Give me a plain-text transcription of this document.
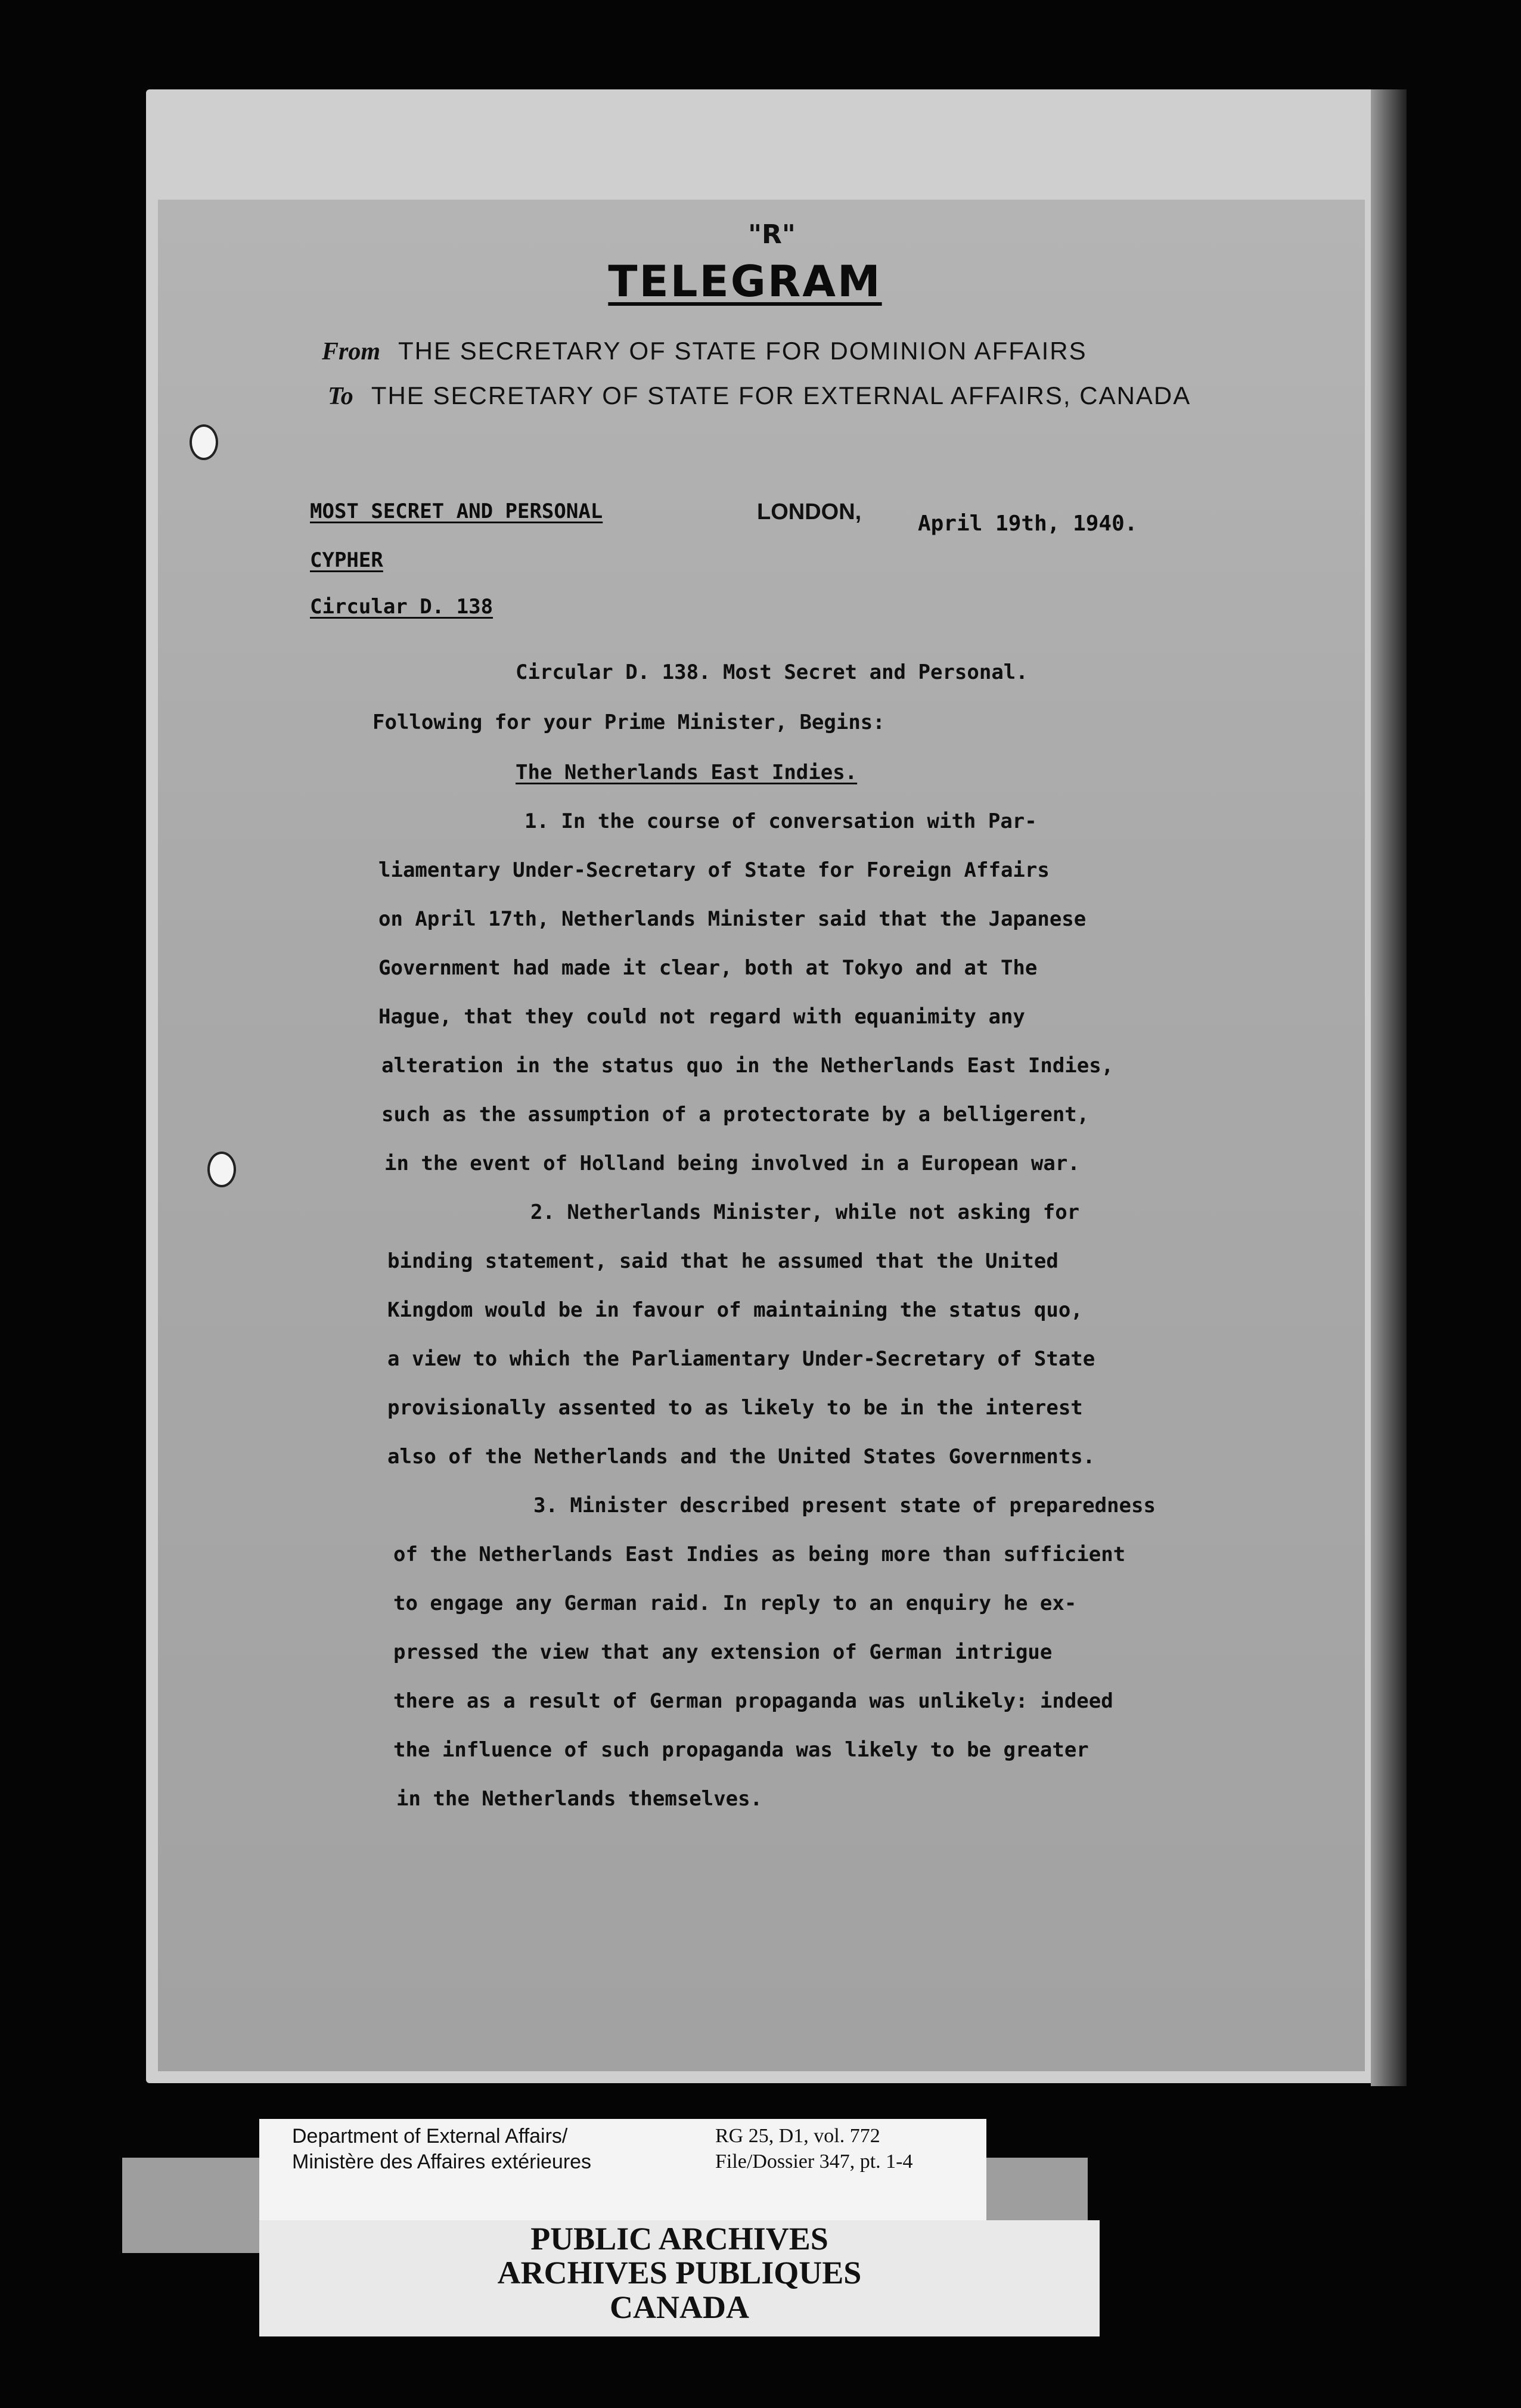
"R"
TELEGRAM
From THE SECRETARY OF STATE FOR DOMINION AFFAIRS
To THE SECRETARY OF STATE FOR EXTERNAL AFFAIRS, CANADA
MOST SECRET AND PERSONAL
CYPHER
Circular D. 138
LONDON,	April 19th, 1940.
Circular D. 138. Most Secret and Personal.
Following for your Prime Minister, Begins:
The Netherlands East Indies.
1. In the course of conversation with Par-
liamentary Under-Secretary of State for Foreign Affairs
on April 17th, Netherlands Minister said that the Japanese
Government had made it clear, both at Tokyo and at The
Hague, that they could not regard with equanimity any
alteration in the status quo in the Netherlands East Indies,
such as the assumption of a protectorate by a belligerent,
in the event of Holland being involved in a European war.
2. Netherlands Minister, while not asking for
binding statement, said that he assumed that the United
Kingdom would be in favour of maintaining the status quo,
a view to which the Parliamentary Under-Secretary of State
provisionally assented to as likely to be in the interest
also of the Netherlands and the United States Governments.
3. Minister described present state of preparedness
of the Netherlands East Indies as being more than sufficient
to engage any German raid. In reply to an enquiry he ex-
pressed the view that any extension of German intrigue
there as a result of German propaganda was unlikely: indeed
the influence of such propaganda was likely to be greater
in the Netherlands themselves.
Department of External Affairs/
Ministère des Affaires extérieures
RG 25, D1, vol. 772
File/Dossier 347, pt. 1-4
PUBLIC ARCHIVES
ARCHIVES PUBLIQUES
CANADA
